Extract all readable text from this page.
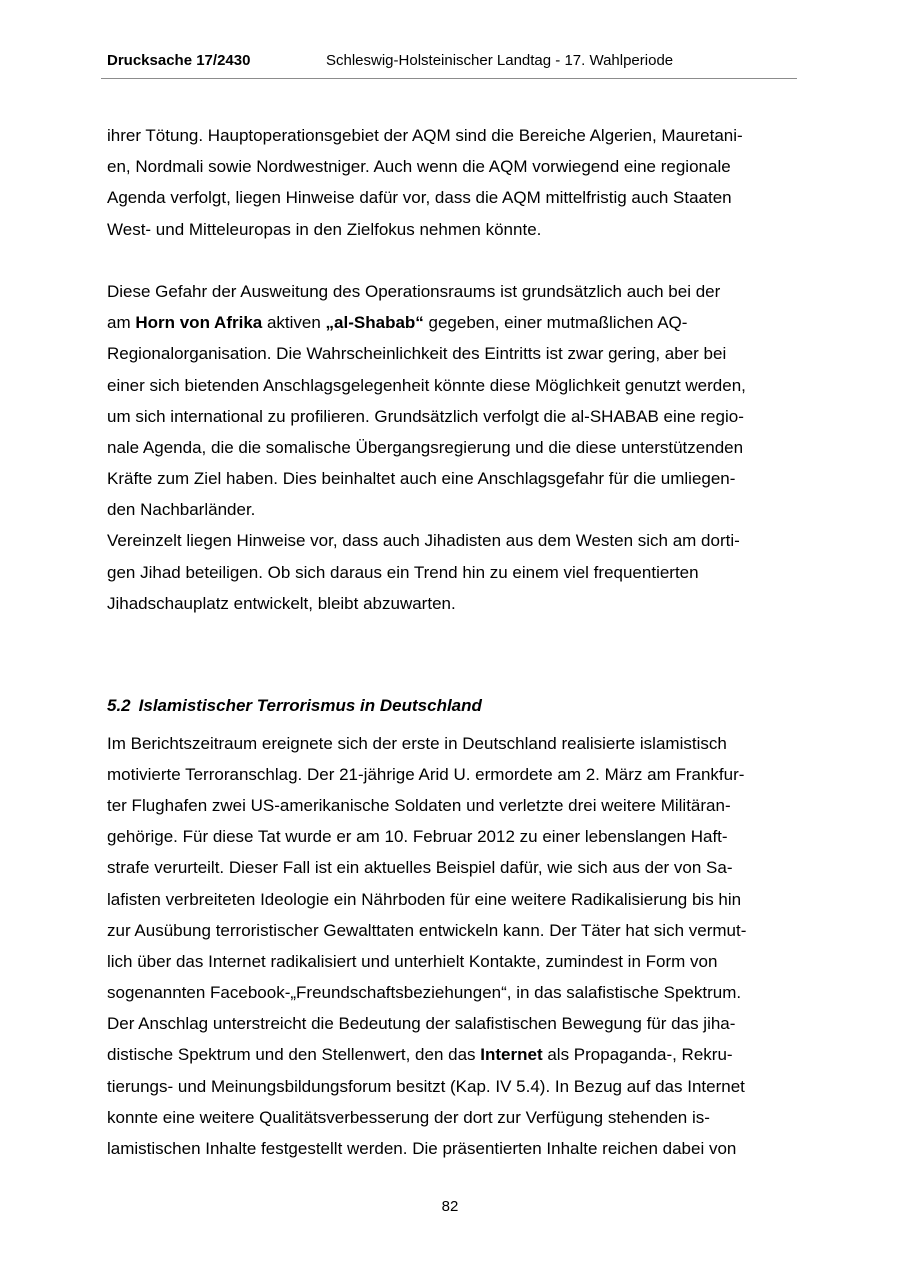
Drucksache 17/2430	Schleswig-Holsteinischer Landtag - 17. Wahlperiode
ihrer Tötung. Hauptoperationsgebiet der AQM sind die Bereiche Algerien, Mauretani-
en, Nordmali sowie Nordwestniger. Auch wenn die AQM vorwiegend eine regionale
Agenda verfolgt, liegen Hinweise dafür vor, dass die AQM mittelfristig auch Staaten
West- und Mitteleuropas in den Zielfokus nehmen könnte.
Diese Gefahr der Ausweitung des Operationsraums ist grundsätzlich auch bei der
am Horn von Afrika aktiven „al-Shabab“ gegeben, einer mutmaßlichen AQ-
Regionalorganisation. Die Wahrscheinlichkeit des Eintritts ist zwar gering, aber bei
einer sich bietenden Anschlagsgelegenheit könnte diese Möglichkeit genutzt werden,
um sich international zu profilieren. Grundsätzlich verfolgt die al-SHABAB eine regio-
nale Agenda, die die somalische Übergangsregierung und die diese unterstützenden
Kräfte zum Ziel haben. Dies beinhaltet auch eine Anschlagsgefahr für die umliegen-
den Nachbarländer.
Vereinzelt liegen Hinweise vor, dass auch Jihadisten aus dem Westen sich am dorti-
gen Jihad beteiligen. Ob sich daraus ein Trend hin zu einem viel frequentierten
Jihadschauplatz entwickelt, bleibt abzuwarten.
5.2 Islamistischer Terrorismus in Deutschland
Im Berichtszeitraum ereignete sich der erste in Deutschland realisierte islamistisch
motivierte Terroranschlag. Der 21-jährige Arid U. ermordete am 2. März am Frankfur-
ter Flughafen zwei US-amerikanische Soldaten und verletzte drei weitere Militäran-
gehörige. Für diese Tat wurde er am 10. Februar 2012 zu einer lebenslangen Haft-
strafe verurteilt. Dieser Fall ist ein aktuelles Beispiel dafür, wie sich aus der von Sa-
lafisten verbreiteten Ideologie ein Nährboden für eine weitere Radikalisierung bis hin
zur Ausübung terroristischer Gewalttaten entwickeln kann. Der Täter hat sich vermut-
lich über das Internet radikalisiert und unterhielt Kontakte, zumindest in Form von
sogenannten Facebook-„Freundschaftsbeziehungen“, in das salafistische Spektrum.
Der Anschlag unterstreicht die Bedeutung der salafistischen Bewegung für das jiha-
distische Spektrum und den Stellenwert, den das Internet als Propaganda-, Rekru-
tierungs- und Meinungsbildungsforum besitzt (Kap. IV 5.4). In Bezug auf das Internet
konnte eine weitere Qualitätsverbesserung der dort zur Verfügung stehenden is-
lamistischen Inhalte festgestellt werden. Die präsentierten Inhalte reichen dabei von
82
